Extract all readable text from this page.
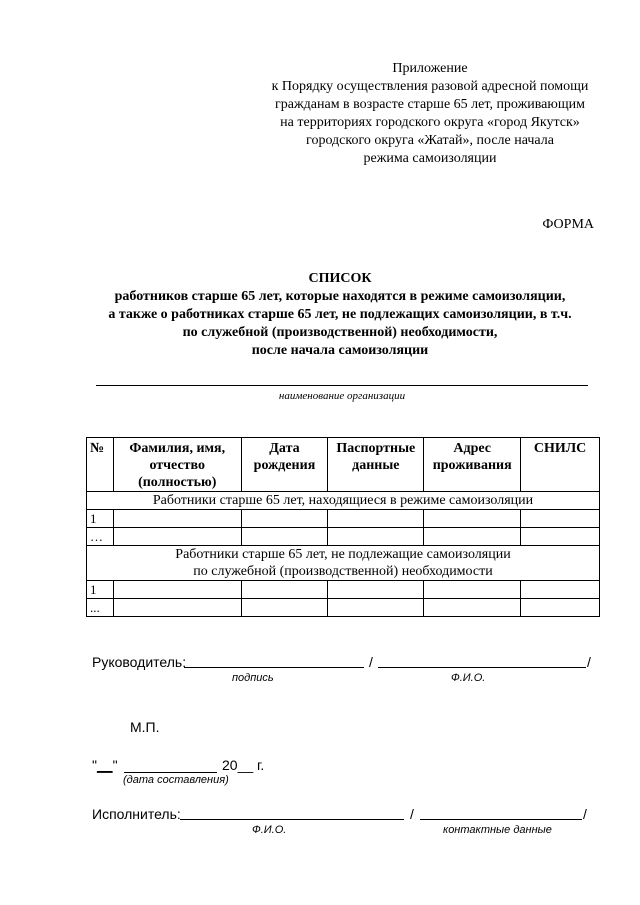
Приложение
к Порядку осуществления разовой адресной помощи
гражданам в возрасте старше 65 лет, проживающим
на территориях городского округа «город Якутск»
городского округа «Жатай», после начала
режима самоизоляции
ФОРМА
СПИСОК
работников старше 65 лет, которые находятся в режиме самоизоляции,
а также о работниках старше 65 лет, не подлежащих самоизоляции, в т.ч.
по служебной (производственной) необходимости,
после начала самоизоляции
наименование организации
№	Фамилия, имя, отчество (полностью)	Дата рождения	Паспортные данные	Адрес проживания	СНИЛС
Работники старше 65 лет, находящиеся в режиме самоизоляции					
1					
…					

Работники старше 65 лет, не подлежащие самоизоляции
по служебной (производственной) необходимости					

1					
...					
Руководитель:	/	/
подпись	Ф.И.О.
М.П.
"__"	20__ г.
(дата составления)
Исполнитель:	/	/
Ф.И.О.	контактные данные
